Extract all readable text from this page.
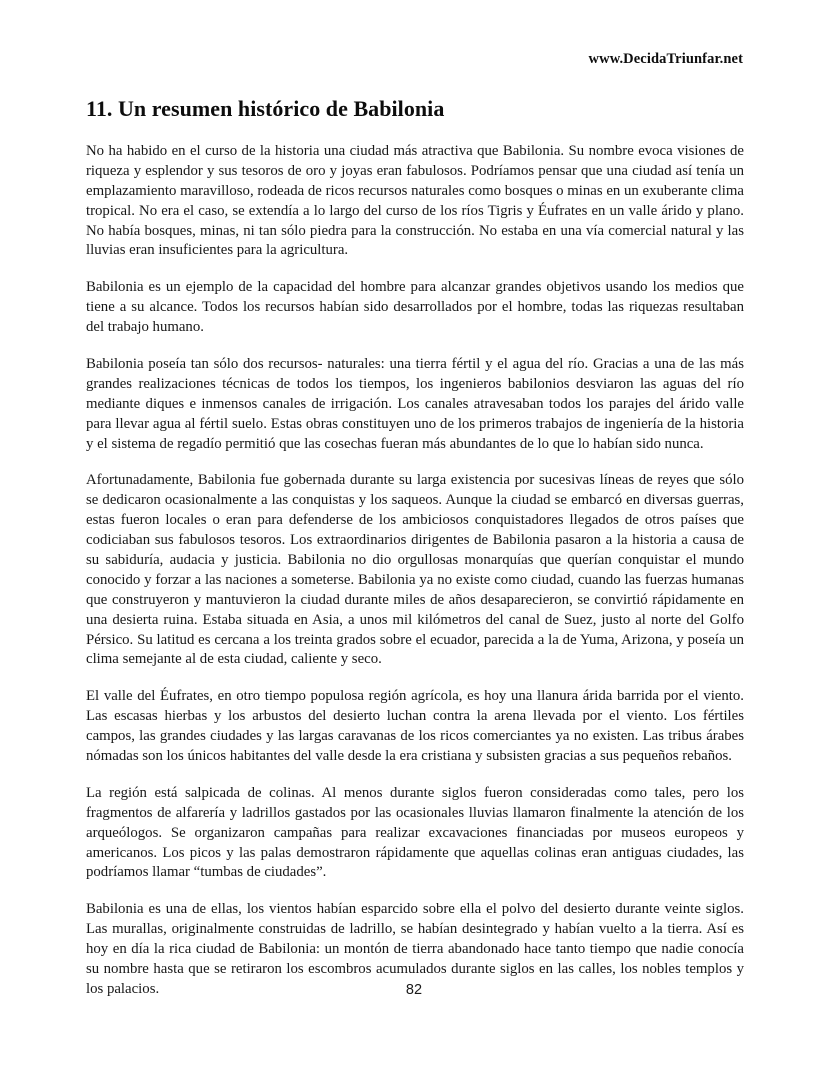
www.DecidaTriunfar.net
11. Un resumen histórico de Babilonia

No ha habido en el curso de la historia una ciudad más atractiva que Babilonia. Su nombre evoca visiones de riqueza y esplendor y sus tesoros de oro y joyas eran fabulosos. Podríamos pensar que una ciudad así tenía un emplazamiento maravilloso, rodeada de ricos recursos naturales como bosques o minas en un exuberante clima tropical. No era el caso, se extendía a lo largo del curso de los ríos Tigris y Éufrates en un valle árido y plano. No había bosques, minas, ni tan sólo piedra para la construcción. No estaba en una vía comercial natural y las lluvias eran insuficientes para la agricultura.

Babilonia es un ejemplo de la capacidad del hombre para alcanzar grandes objetivos usando los medios que tiene a su alcance. Todos los recursos habían sido desarrollados por el hombre, todas las riquezas resultaban del trabajo humano.

Babilonia poseía tan sólo dos recursos- naturales: una tierra fértil y el agua del río. Gracias a una de las más grandes realizaciones técnicas de todos los tiempos, los ingenieros babilonios desviaron las aguas del río mediante diques e inmensos canales de irrigación. Los canales atravesaban todos los parajes del árido valle para llevar agua al fértil suelo. Estas obras constituyen uno de los primeros trabajos de ingeniería de la historia y el sistema de regadío permitió que las cosechas fueran más abundantes de lo que lo habían sido nunca.

Afortunadamente, Babilonia fue gobernada durante su larga existencia por sucesivas líneas de reyes que sólo se dedicaron ocasionalmente a las conquistas y los saqueos. Aunque la ciudad se embarcó en diversas guerras, estas fueron locales o eran para defenderse de los ambiciosos conquistadores llegados de otros países que codiciaban sus fabulosos tesoros. Los extraordinarios dirigentes de Babilonia pasaron a la historia a causa de su sabiduría, audacia y justicia. Babilonia no dio orgullosas monarquías que querían conquistar el mundo conocido y forzar a las naciones a someterse. Babilonia ya no existe como ciudad, cuando las fuerzas humanas que construyeron y mantuvieron la ciudad durante miles de años desaparecieron, se convirtió rápidamente en una desierta ruina. Estaba situada en Asia, a unos mil kilómetros del canal de Suez, justo al norte del Golfo Pérsico. Su latitud es cercana a los treinta grados sobre el ecuador, parecida a la de Yuma, Arizona, y poseía un clima semejante al de esta ciudad, caliente y seco.

El valle del Éufrates, en otro tiempo populosa región agrícola, es hoy una llanura árida barrida por el viento. Las escasas hierbas y los arbustos del desierto luchan contra la arena llevada por el viento. Los fértiles campos, las grandes ciudades y las largas caravanas de los ricos comerciantes ya no existen. Las tribus árabes nómadas son los únicos habitantes del valle desde la era cristiana y subsisten gracias a sus pequeños rebaños.

La región está salpicada de colinas. Al menos durante siglos fueron consideradas como tales, pero los fragmentos de alfarería y ladrillos gastados por las ocasionales lluvias llamaron finalmente la atención de los arqueólogos. Se organizaron campañas para realizar excavaciones financiadas por museos europeos y americanos. Los picos y las palas demostraron rápidamente que aquellas colinas eran antiguas ciudades, las podríamos llamar “tumbas de ciudades”.

Babilonia es una de ellas, los vientos habían esparcido sobre ella el polvo del desierto durante veinte siglos. Las murallas, originalmente construidas de ladrillo, se habían desintegrado y habían vuelto a la tierra. Así es hoy en día la rica ciudad de Babilonia: un montón de tierra abandonado hace tanto tiempo que nadie conocía su nombre hasta que se retiraron los escombros acumulados durante siglos en las calles, los nobles templos y los palacios.	82
